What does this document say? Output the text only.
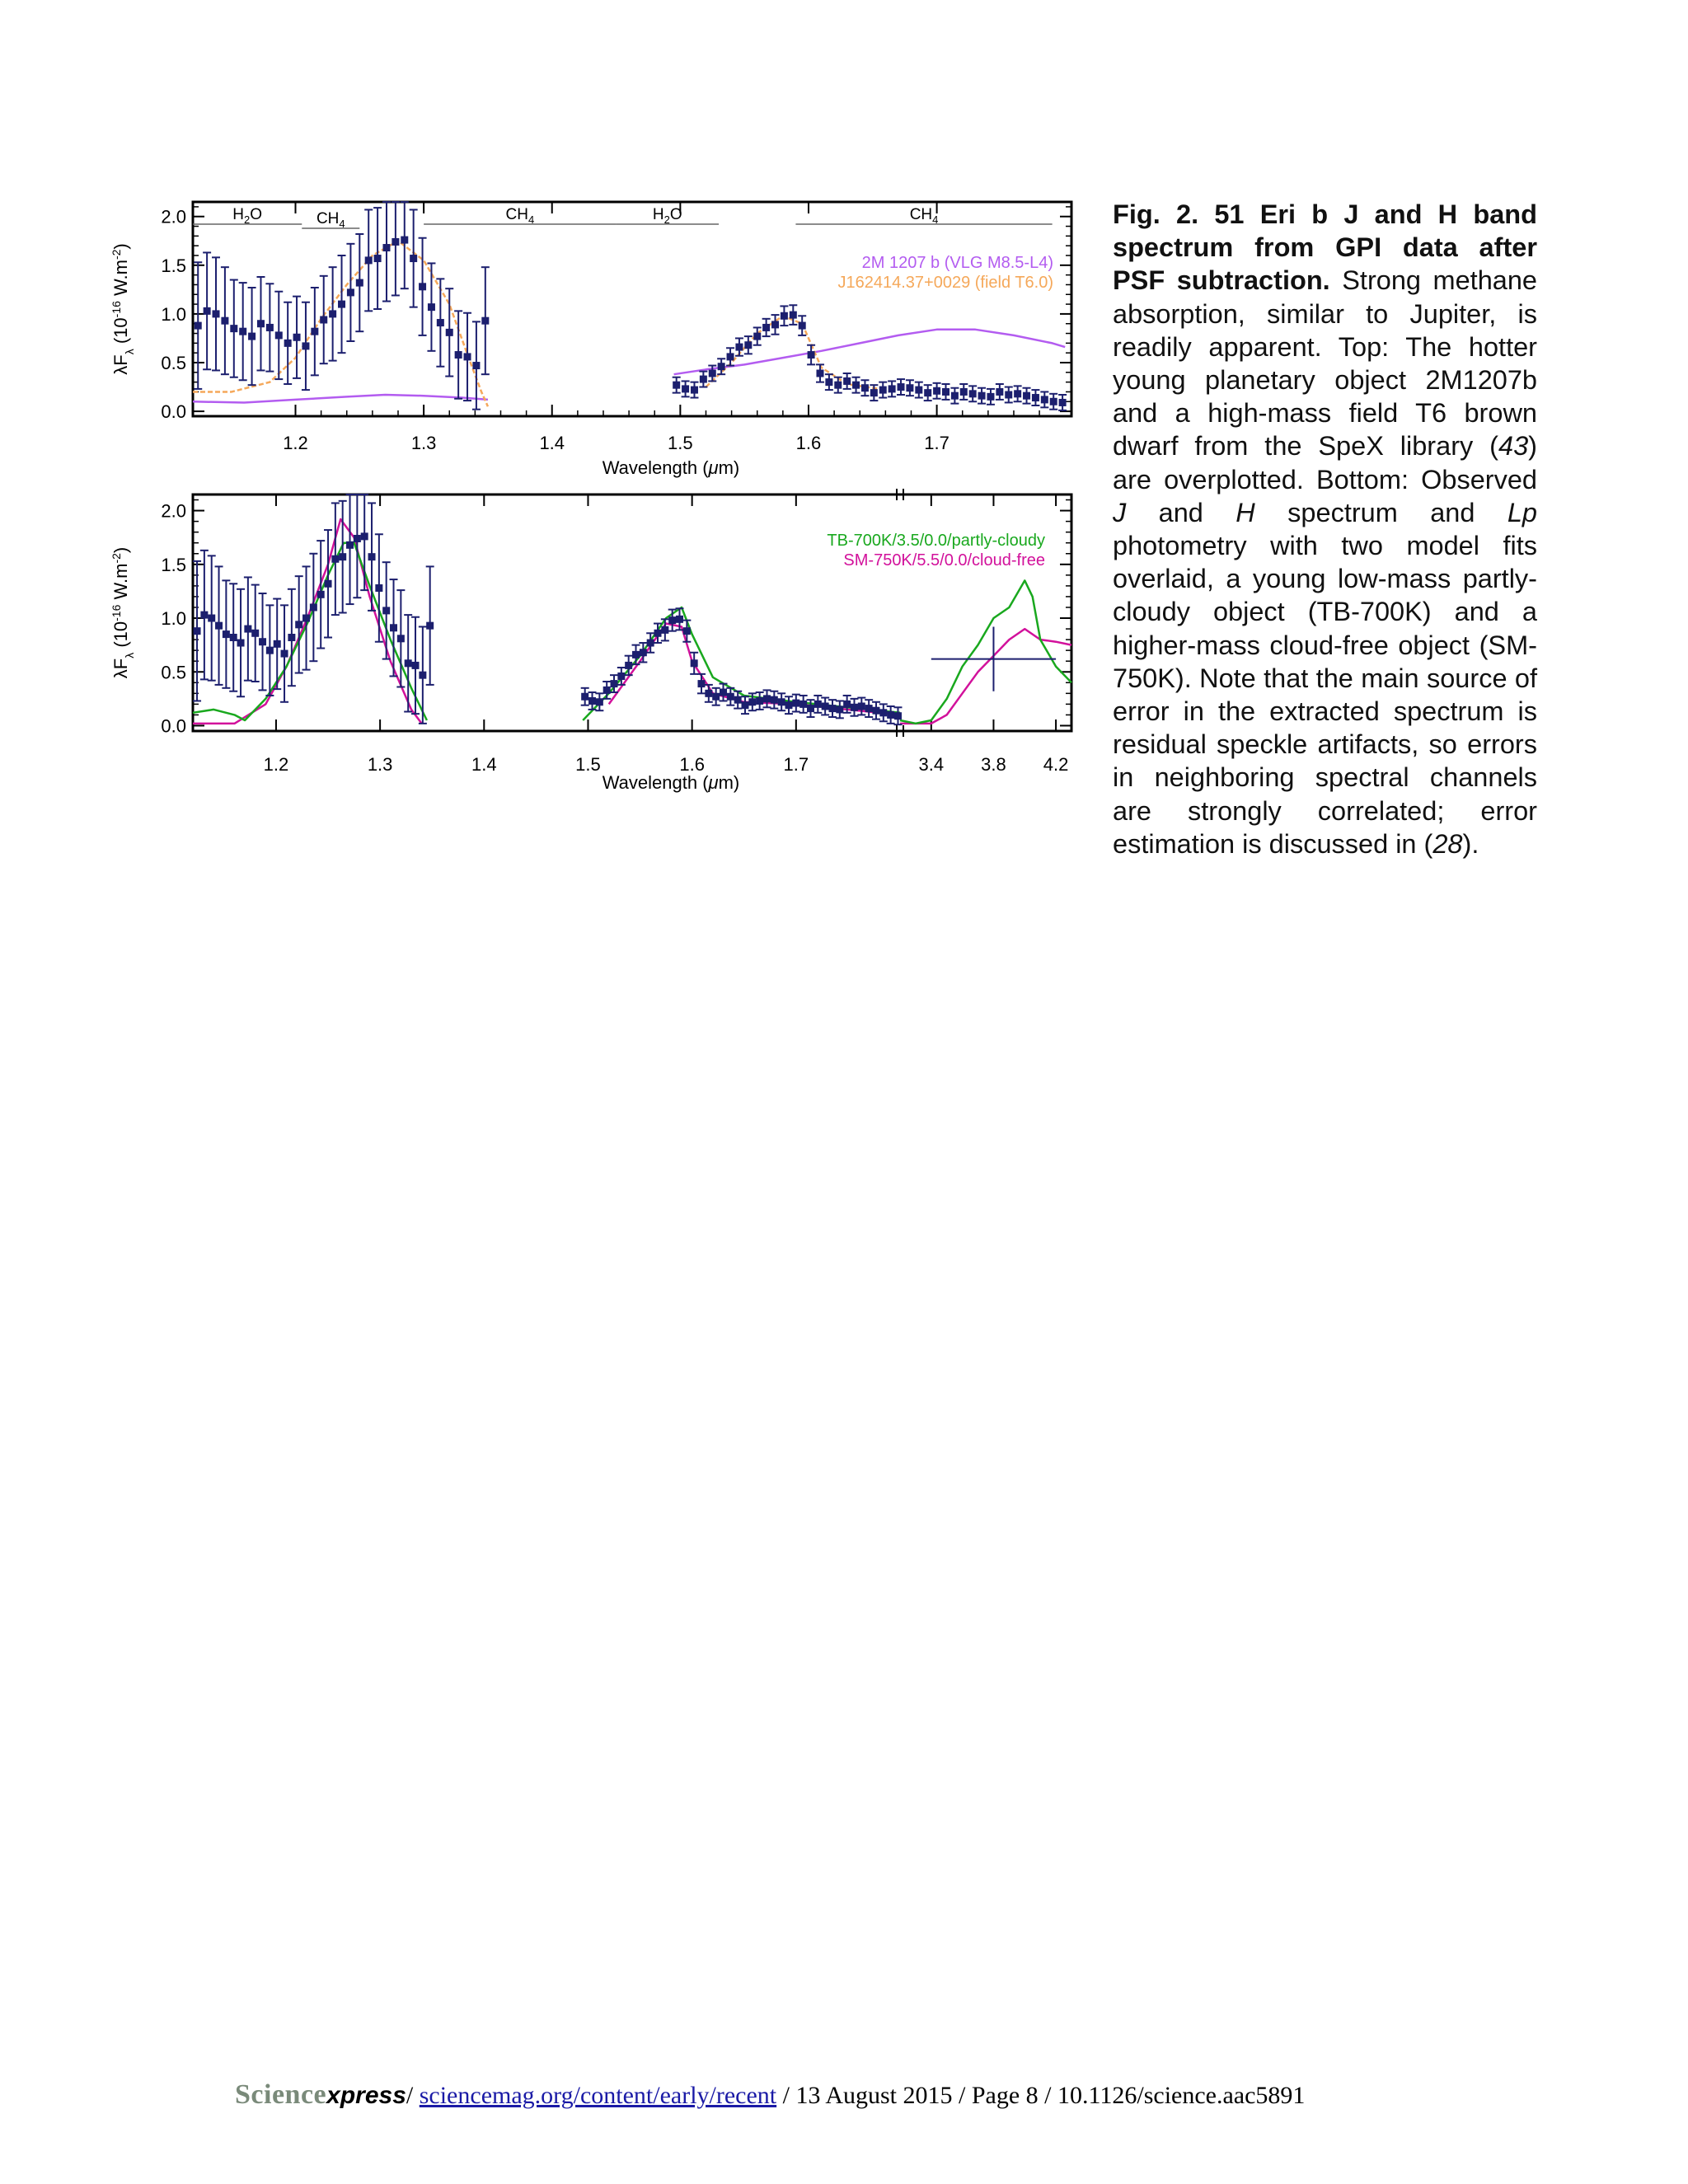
0.0
0.5
1.0
1.5
2.0
$\lambda F_\lambda$ ($10^{-16}$ $W.m^{-2}$)
1.2	1.3	1.4	1.5	1.6	1.7
Wavelength (μm)
$H_2O$	$CH_4$
$CH_4$	$H_2O$	$CH_4$
2M 1207 b (VLG M8.5-L4)
J162414.37+0029 (field T6.0)
0.0
0.5
1.0
1.5
2.0
$\lambda F_\lambda$ ($10^{-16}$ $W.m^{-2}$)
1.2	1.3	1.4	1.5	1.6	1.7	3.4 3.8 4.2
Wavelength (μm)
TB-700K/3.5/0.0/partly-cloudy
SM-750K/5.5/0.0/cloud-free
Fig. 2. 51 Eri b J and H band spectrum from GPI data after PSF subtraction. Strong methane absorption, similar to Jupiter, is readily apparent. Top: The hotter young planetary object 2M1207b and a high-mass field T6 brown dwarf from the SpeX library (43) are overplotted. Bottom: Observed J and H spectrum and Lp photometry with two model fits overlaid, a young low-mass partly-cloudy object (TB-700K) and a higher-mass cloud-free object (SM-750K). Note that the main source of error in the extracted spectrum is residual speckle artifacts, so errors in neighboring spectral channels are strongly correlated; error estimation is discussed in (28).
Sciencexpress/ sciencemag.org/content/early/recent / 13 August 2015 / Page 8 / 10.1126/science.aac5891
